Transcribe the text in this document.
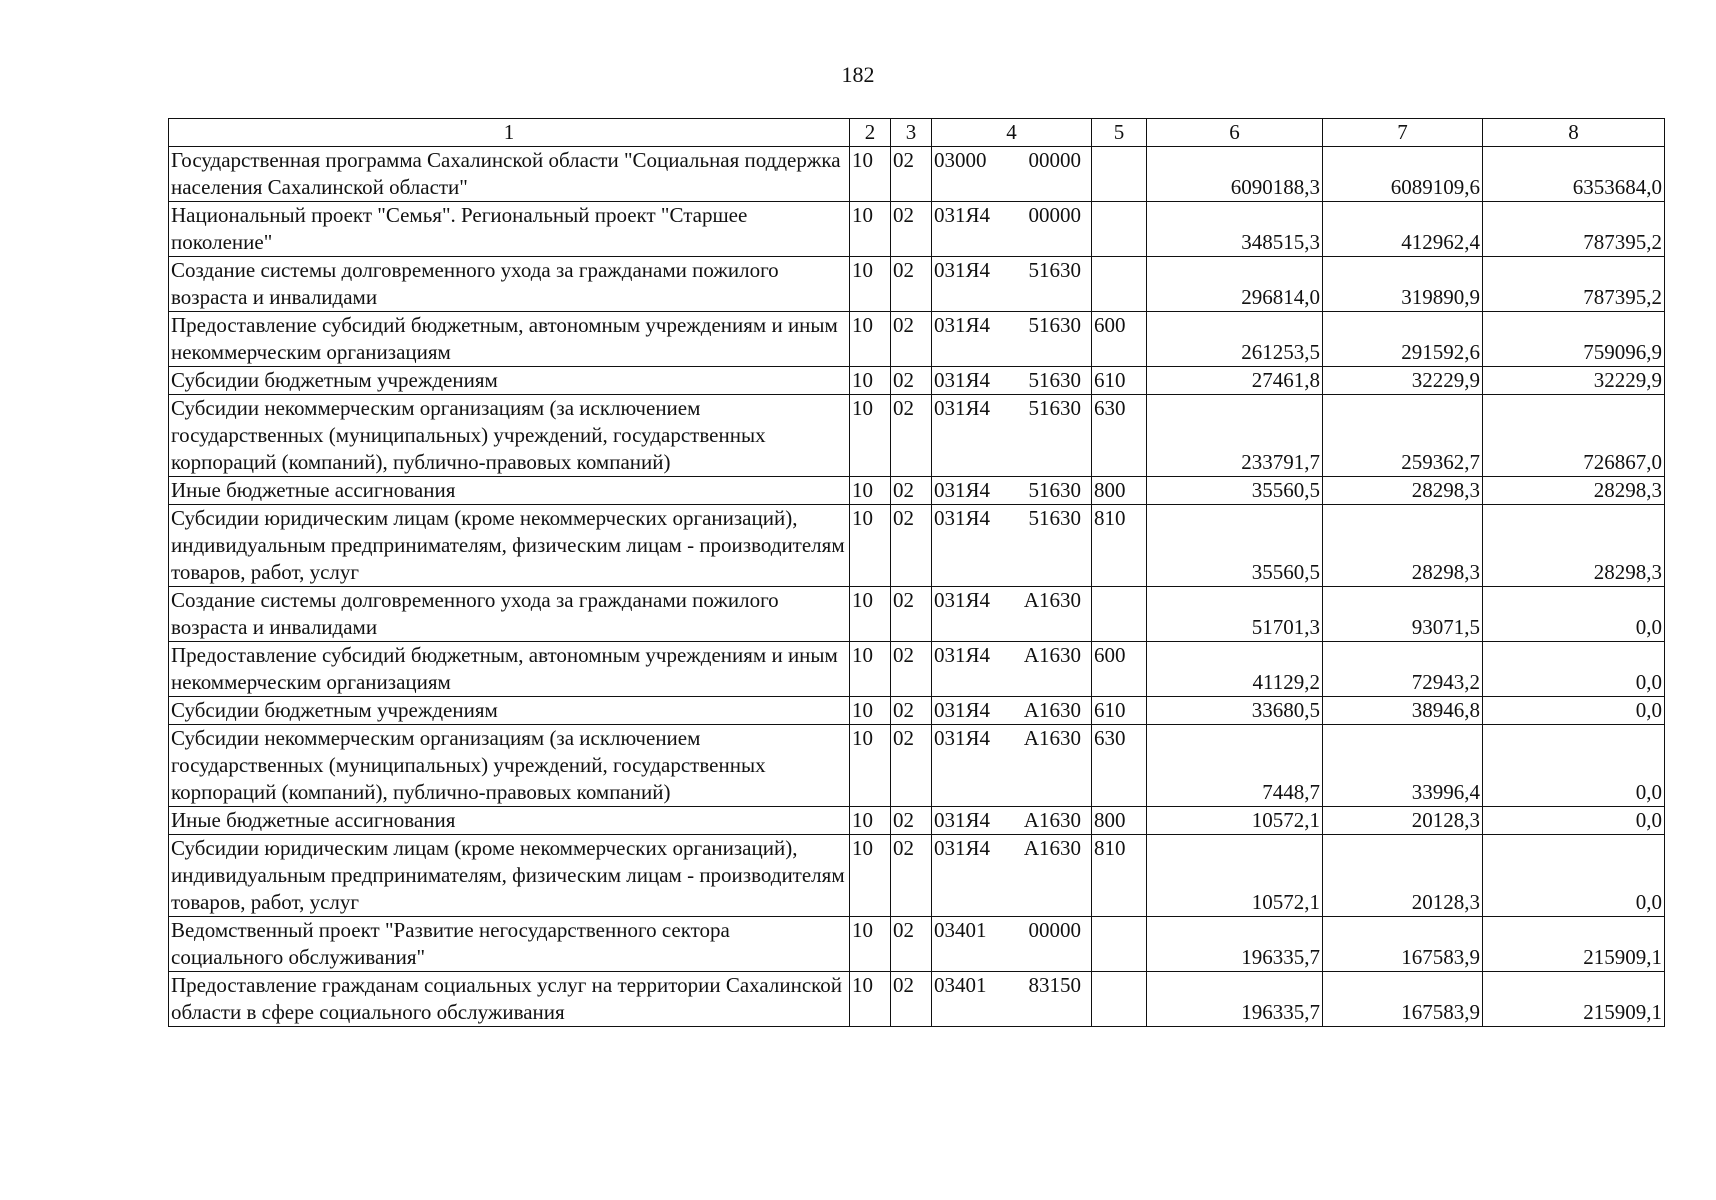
182
1	2	3	4	5	6	7	8
Государственная программа Сахалинской области "Социальная поддержка населения Сахалинской области"	10	02	03000 00000		6090188,3	6089109,6	6353684,0
Национальный проект "Семья". Региональный проект "Старшее поколение"	10	02	031Я4 00000		348515,3	412962,4	787395,2
Создание системы долговременного ухода за гражданами пожилого возраста и инвалидами	10	02	031Я4 51630		296814,0	319890,9	787395,2
Предоставление субсидий бюджетным, автономным учреждениям и иным некоммерческим организациям	10	02	031Я4 51630	600	261253,5	291592,6	759096,9
Субсидии бюджетным учреждениям	10	02	031Я4 51630	610	27461,8	32229,9	32229,9
Субсидии некоммерческим организациям (за исключением государственных (муниципальных) учреждений, государственных корпораций (компаний), публично-правовых компаний)	10	02	031Я4 51630	630	233791,7	259362,7	726867,0
Иные бюджетные ассигнования	10	02	031Я4 51630	800	35560,5	28298,3	28298,3
Субсидии юридическим лицам (кроме некоммерческих организаций), индивидуальным предпринимателям, физическим лицам - производителям товаров, работ, услуг	10	02	031Я4 51630	810	35560,5	28298,3	28298,3
Создание системы долговременного ухода за гражданами пожилого возраста и инвалидами	10	02	031Я4 А1630		51701,3	93071,5	0,0
Предоставление субсидий бюджетным, автономным учреждениям и иным некоммерческим организациям	10	02	031Я4 А1630	600	41129,2	72943,2	0,0
Субсидии бюджетным учреждениям	10	02	031Я4 А1630	610	33680,5	38946,8	0,0
Субсидии некоммерческим организациям (за исключением государственных (муниципальных) учреждений, государственных корпораций (компаний), публично-правовых компаний)	10	02	031Я4 А1630	630	7448,7	33996,4	0,0
Иные бюджетные ассигнования	10	02	031Я4 А1630	800	10572,1	20128,3	0,0
Субсидии юридическим лицам (кроме некоммерческих организаций), индивидуальным предпринимателям, физическим лицам - производителям товаров, работ, услуг	10	02	031Я4 А1630	810	10572,1	20128,3	0,0
Ведомственный проект "Развитие негосударственного сектора социального обслуживания"	10	02	03401 00000		196335,7	167583,9	215909,1
Предоставление гражданам социальных услуг на территории Сахалинской области в сфере социального обслуживания	10	02	03401 83150		196335,7	167583,9	215909,1
